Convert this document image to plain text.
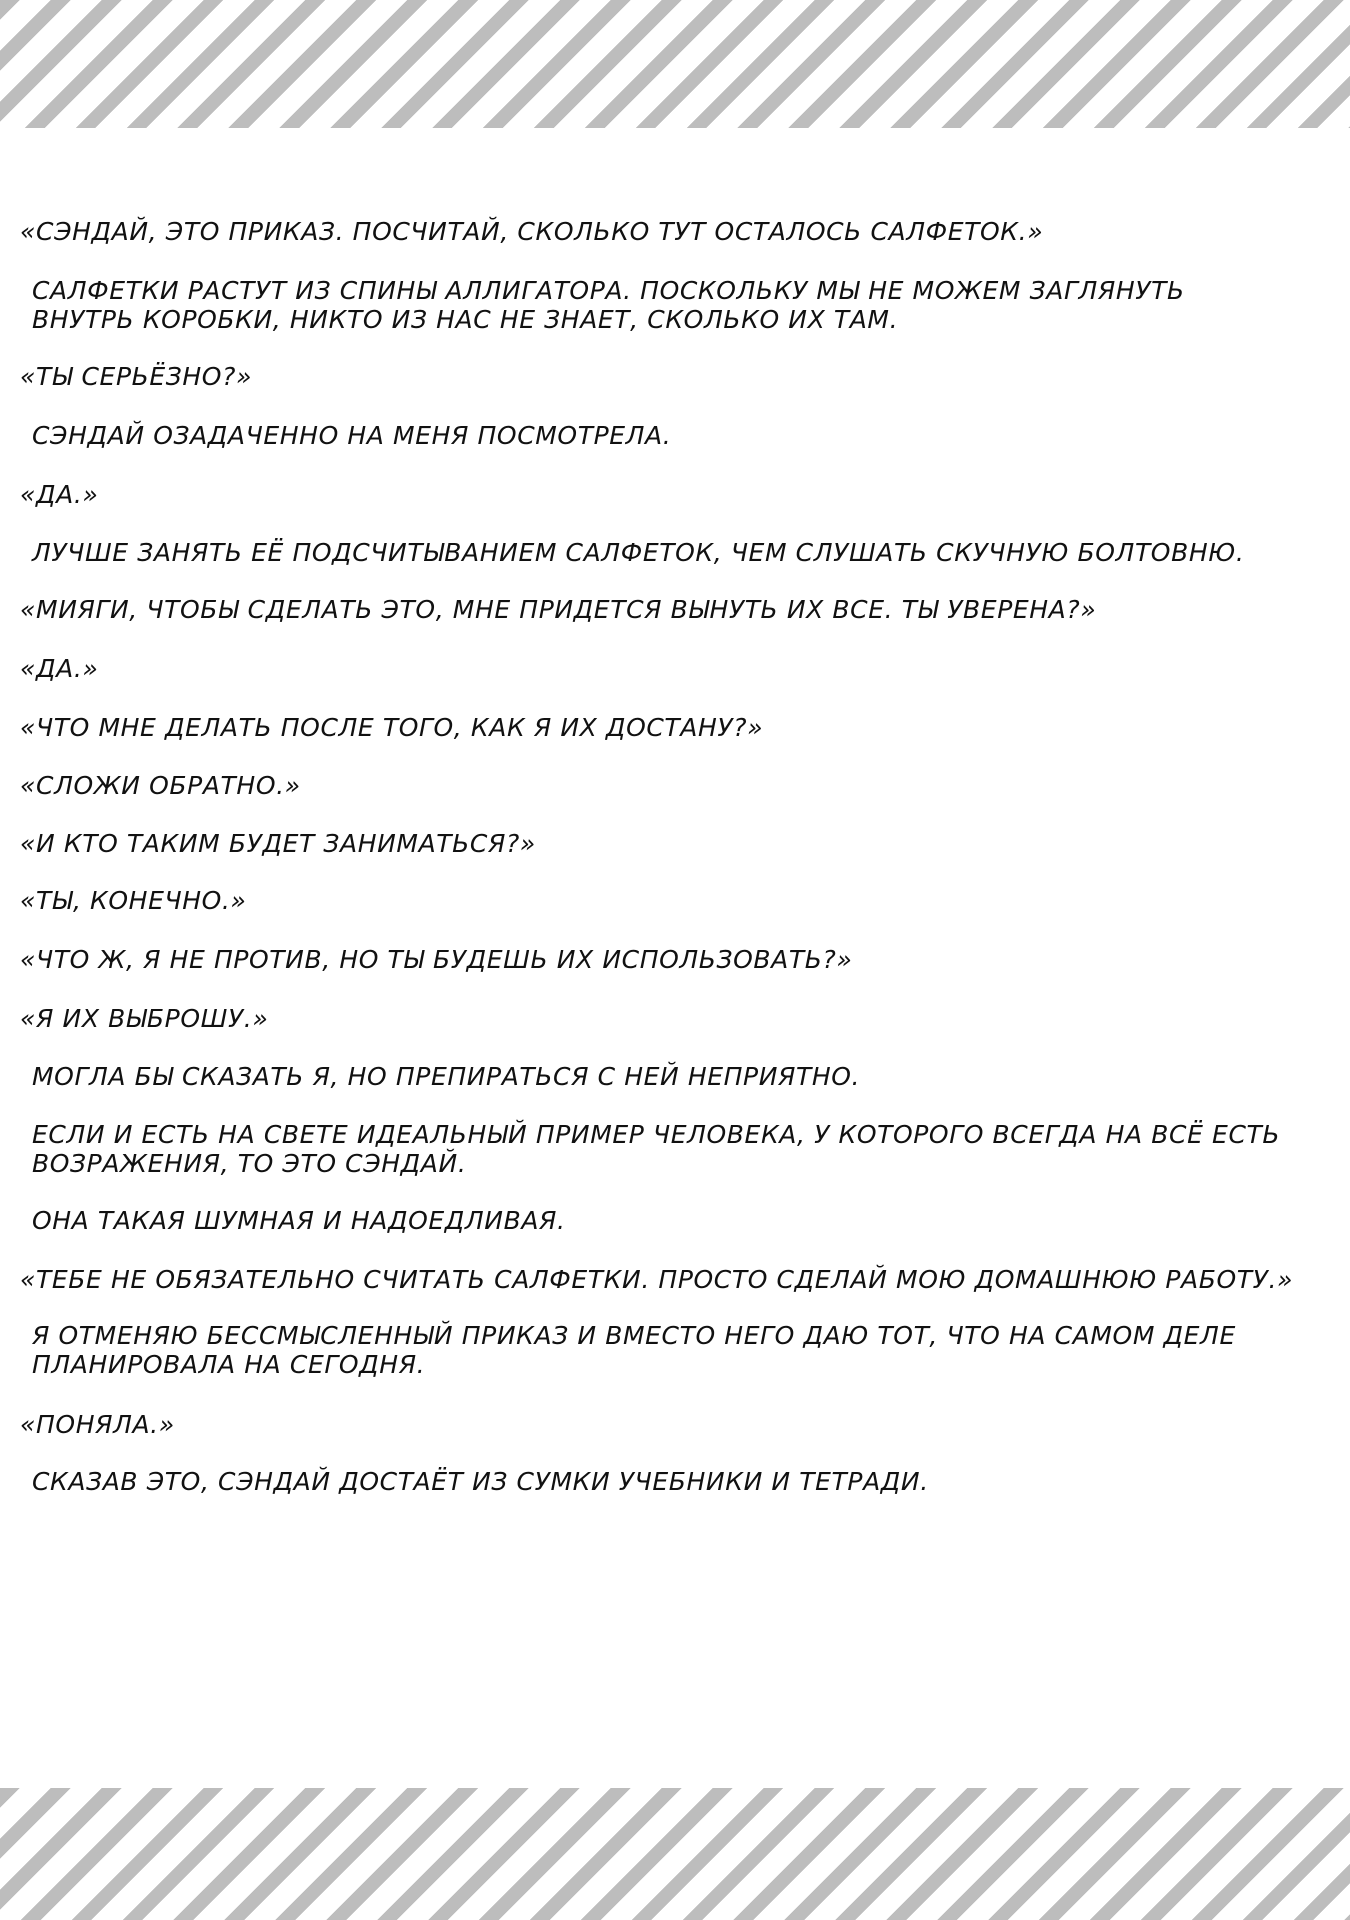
«СЭНДАЙ, ЭТО ПРИКАЗ. ПОСЧИТАЙ, СКОЛЬКО ТУТ ОСТАЛОСЬ САЛФЕТОК.»
САЛФЕТКИ РАСТУТ ИЗ СПИНЫ АЛЛИГАТОРА. ПОСКОЛЬКУ МЫ НЕ МОЖЕМ ЗАГЛЯНУТЬ
ВНУТРЬ КОРОБКИ, НИКТО ИЗ НАС НЕ ЗНАЕТ, СКОЛЬКО ИХ ТАМ.
«ТЫ СЕРЬЁЗНО?»
СЭНДАЙ ОЗАДАЧЕННО НА МЕНЯ ПОСМОТРЕЛА.
«ДА.»
ЛУЧШЕ ЗАНЯТЬ ЕЁ ПОДСЧИТЫВАНИЕМ САЛФЕТОК, ЧЕМ СЛУШАТЬ СКУЧНУЮ БОЛТОВНЮ.
«МИЯГИ, ЧТОБЫ СДЕЛАТЬ ЭТО, МНЕ ПРИДЕТСЯ ВЫНУТЬ ИХ ВСЕ. ТЫ УВЕРЕНА?»
«ДА.»
«ЧТО МНЕ ДЕЛАТЬ ПОСЛЕ ТОГО, КАК Я ИХ ДОСТАНУ?»
«СЛОЖИ ОБРАТНО.»
«И КТО ТАКИМ БУДЕТ ЗАНИМАТЬСЯ?»
«ТЫ, КОНЕЧНО.»
«ЧТО Ж, Я НЕ ПРОТИВ, НО ТЫ БУДЕШЬ ИХ ИСПОЛЬЗОВАТЬ?»
«Я ИХ ВЫБРОШУ.»
МОГЛА БЫ СКАЗАТЬ Я, НО ПРЕПИРАТЬСЯ С НЕЙ НЕПРИЯТНО.
ЕСЛИ И ЕСТЬ НА СВЕТЕ ИДЕАЛЬНЫЙ ПРИМЕР ЧЕЛОВЕКА, У КОТОРОГО ВСЕГДА НА ВСЁ ЕСТЬ
ВОЗРАЖЕНИЯ, ТО ЭТО СЭНДАЙ.
ОНА ТАКАЯ ШУМНАЯ И НАДОЕДЛИВАЯ.
«ТЕБЕ НЕ ОБЯЗАТЕЛЬНО СЧИТАТЬ САЛФЕТКИ. ПРОСТО СДЕЛАЙ МОЮ ДОМАШНЮЮ РАБОТУ.»
Я ОТМЕНЯЮ БЕССМЫСЛЕННЫЙ ПРИКАЗ И ВМЕСТО НЕГО ДАЮ ТОТ, ЧТО НА САМОМ ДЕЛЕ
ПЛАНИРОВАЛА НА СЕГОДНЯ.
«ПОНЯЛА.»
СКАЗАВ ЭТО, СЭНДАЙ ДОСТАЁТ ИЗ СУМКИ УЧЕБНИКИ И ТЕТРАДИ.
